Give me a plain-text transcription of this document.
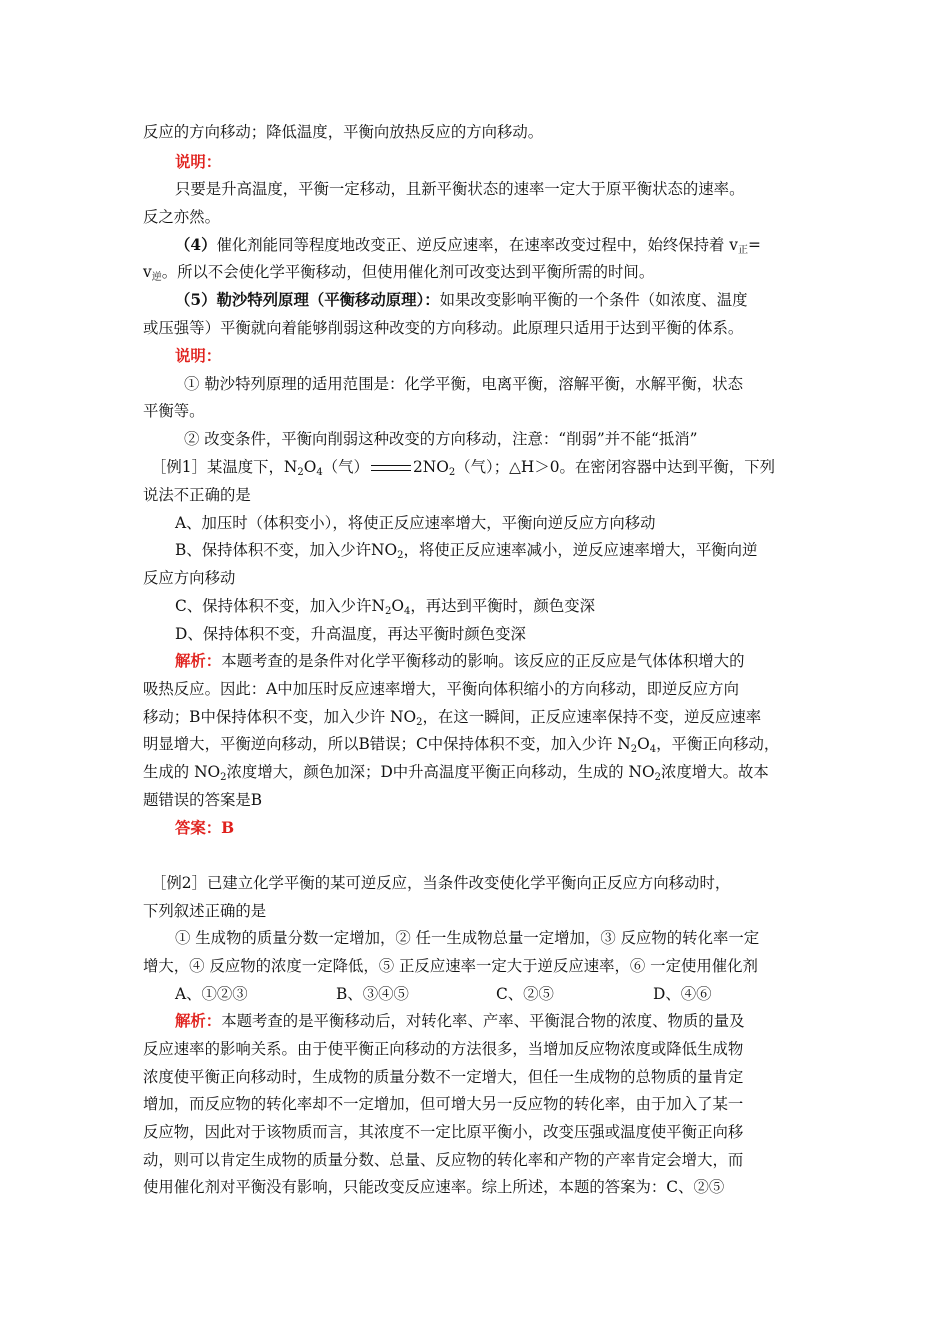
反应的方向移动；降低温度，平衡向放热反应的方向移动。
说明：
只要是升高温度，平衡一定移动，且新平衡状态的速率一定大于原平衡状态的速率。
反之亦然。
（4）催化剂能同等程度地改变正、逆反应速率，在速率改变过程中，始终保持着 $v_正=$
$v_逆$。所以不会使化学平衡移动，但使用催化剂可改变达到平衡所需的时间。
（5）勒沙特列原理（平衡移动原理）：如果改变影响平衡的一个条件（如浓度、温度
或压强等）平衡就向着能够削弱这种改变的方向移动。此原理只适用于达到平衡的体系。
说明：
① 勒沙特列原理的适用范围是：化学平衡，电离平衡，溶解平衡，水解平衡，状态
平衡等。
② 改变条件，平衡向削弱这种改变的方向移动，注意：“削弱”并不能“抵消”
［例1］某温度下，$N_2O_4$（气）	$2NO_2$（气）；△H＞0。在密闭容器中达到平衡，下列
说法不正确的是
A、加压时（体积变小），将使正反应速率增大，平衡向逆反应方向移动
B、保持体积不变，加入少许$NO_2$，将使正反应速率减小，逆反应速率增大，平衡向逆
反应方向移动
C、保持体积不变，加入少许$N_2O_4$，再达到平衡时，颜色变深
D、保持体积不变，升高温度，再达平衡时颜色变深
解析：本题考查的是条件对化学平衡移动的影响。该反应的正反应是气体体积增大的
吸热反应。因此：A中加压时反应速率增大，平衡向体积缩小的方向移动，即逆反应方向
移动；B中保持体积不变，加入少许 $NO_2$，在这一瞬间，正反应速率保持不变，逆反应速率
明显增大，平衡逆向移动，所以B错误；C中保持体积不变，加入少许 $N_2O_4$，平衡正向移动，
生成的 $NO_2$浓度增大，颜色加深；D中升高温度平衡正向移动，生成的 $NO_2$浓度增大。故本
题错误的答案是B
答案：B
［例2］已建立化学平衡的某可逆反应，当条件改变使化学平衡向正反应方向移动时，
下列叙述正确的是
① 生成物的质量分数一定增加，② 任一生成物总量一定增加，③ 反应物的转化率一定
增大，④ 反应物的浓度一定降低，⑤ 正反应速率一定大于逆反应速率，⑥ 一定使用催化剂
A、①②③	B、③④⑤	C、②⑤	D、④⑥
解析：本题考查的是平衡移动后，对转化率、产率、平衡混合物的浓度、物质的量及
反应速率的影响关系。由于使平衡正向移动的方法很多，当增加反应物浓度或降低生成物
浓度使平衡正向移动时，生成物的质量分数不一定增大，但任一生成物的总物质的量肯定
增加，而反应物的转化率却不一定增加，但可增大另一反应物的转化率，由于加入了某一
反应物，因此对于该物质而言，其浓度不一定比原平衡小，改变压强或温度使平衡正向移
动，则可以肯定生成物的质量分数、总量、反应物的转化率和产物的产率肯定会增大，而
使用催化剂对平衡没有影响，只能改变反应速率。综上所述，本题的答案为：C、②⑤
